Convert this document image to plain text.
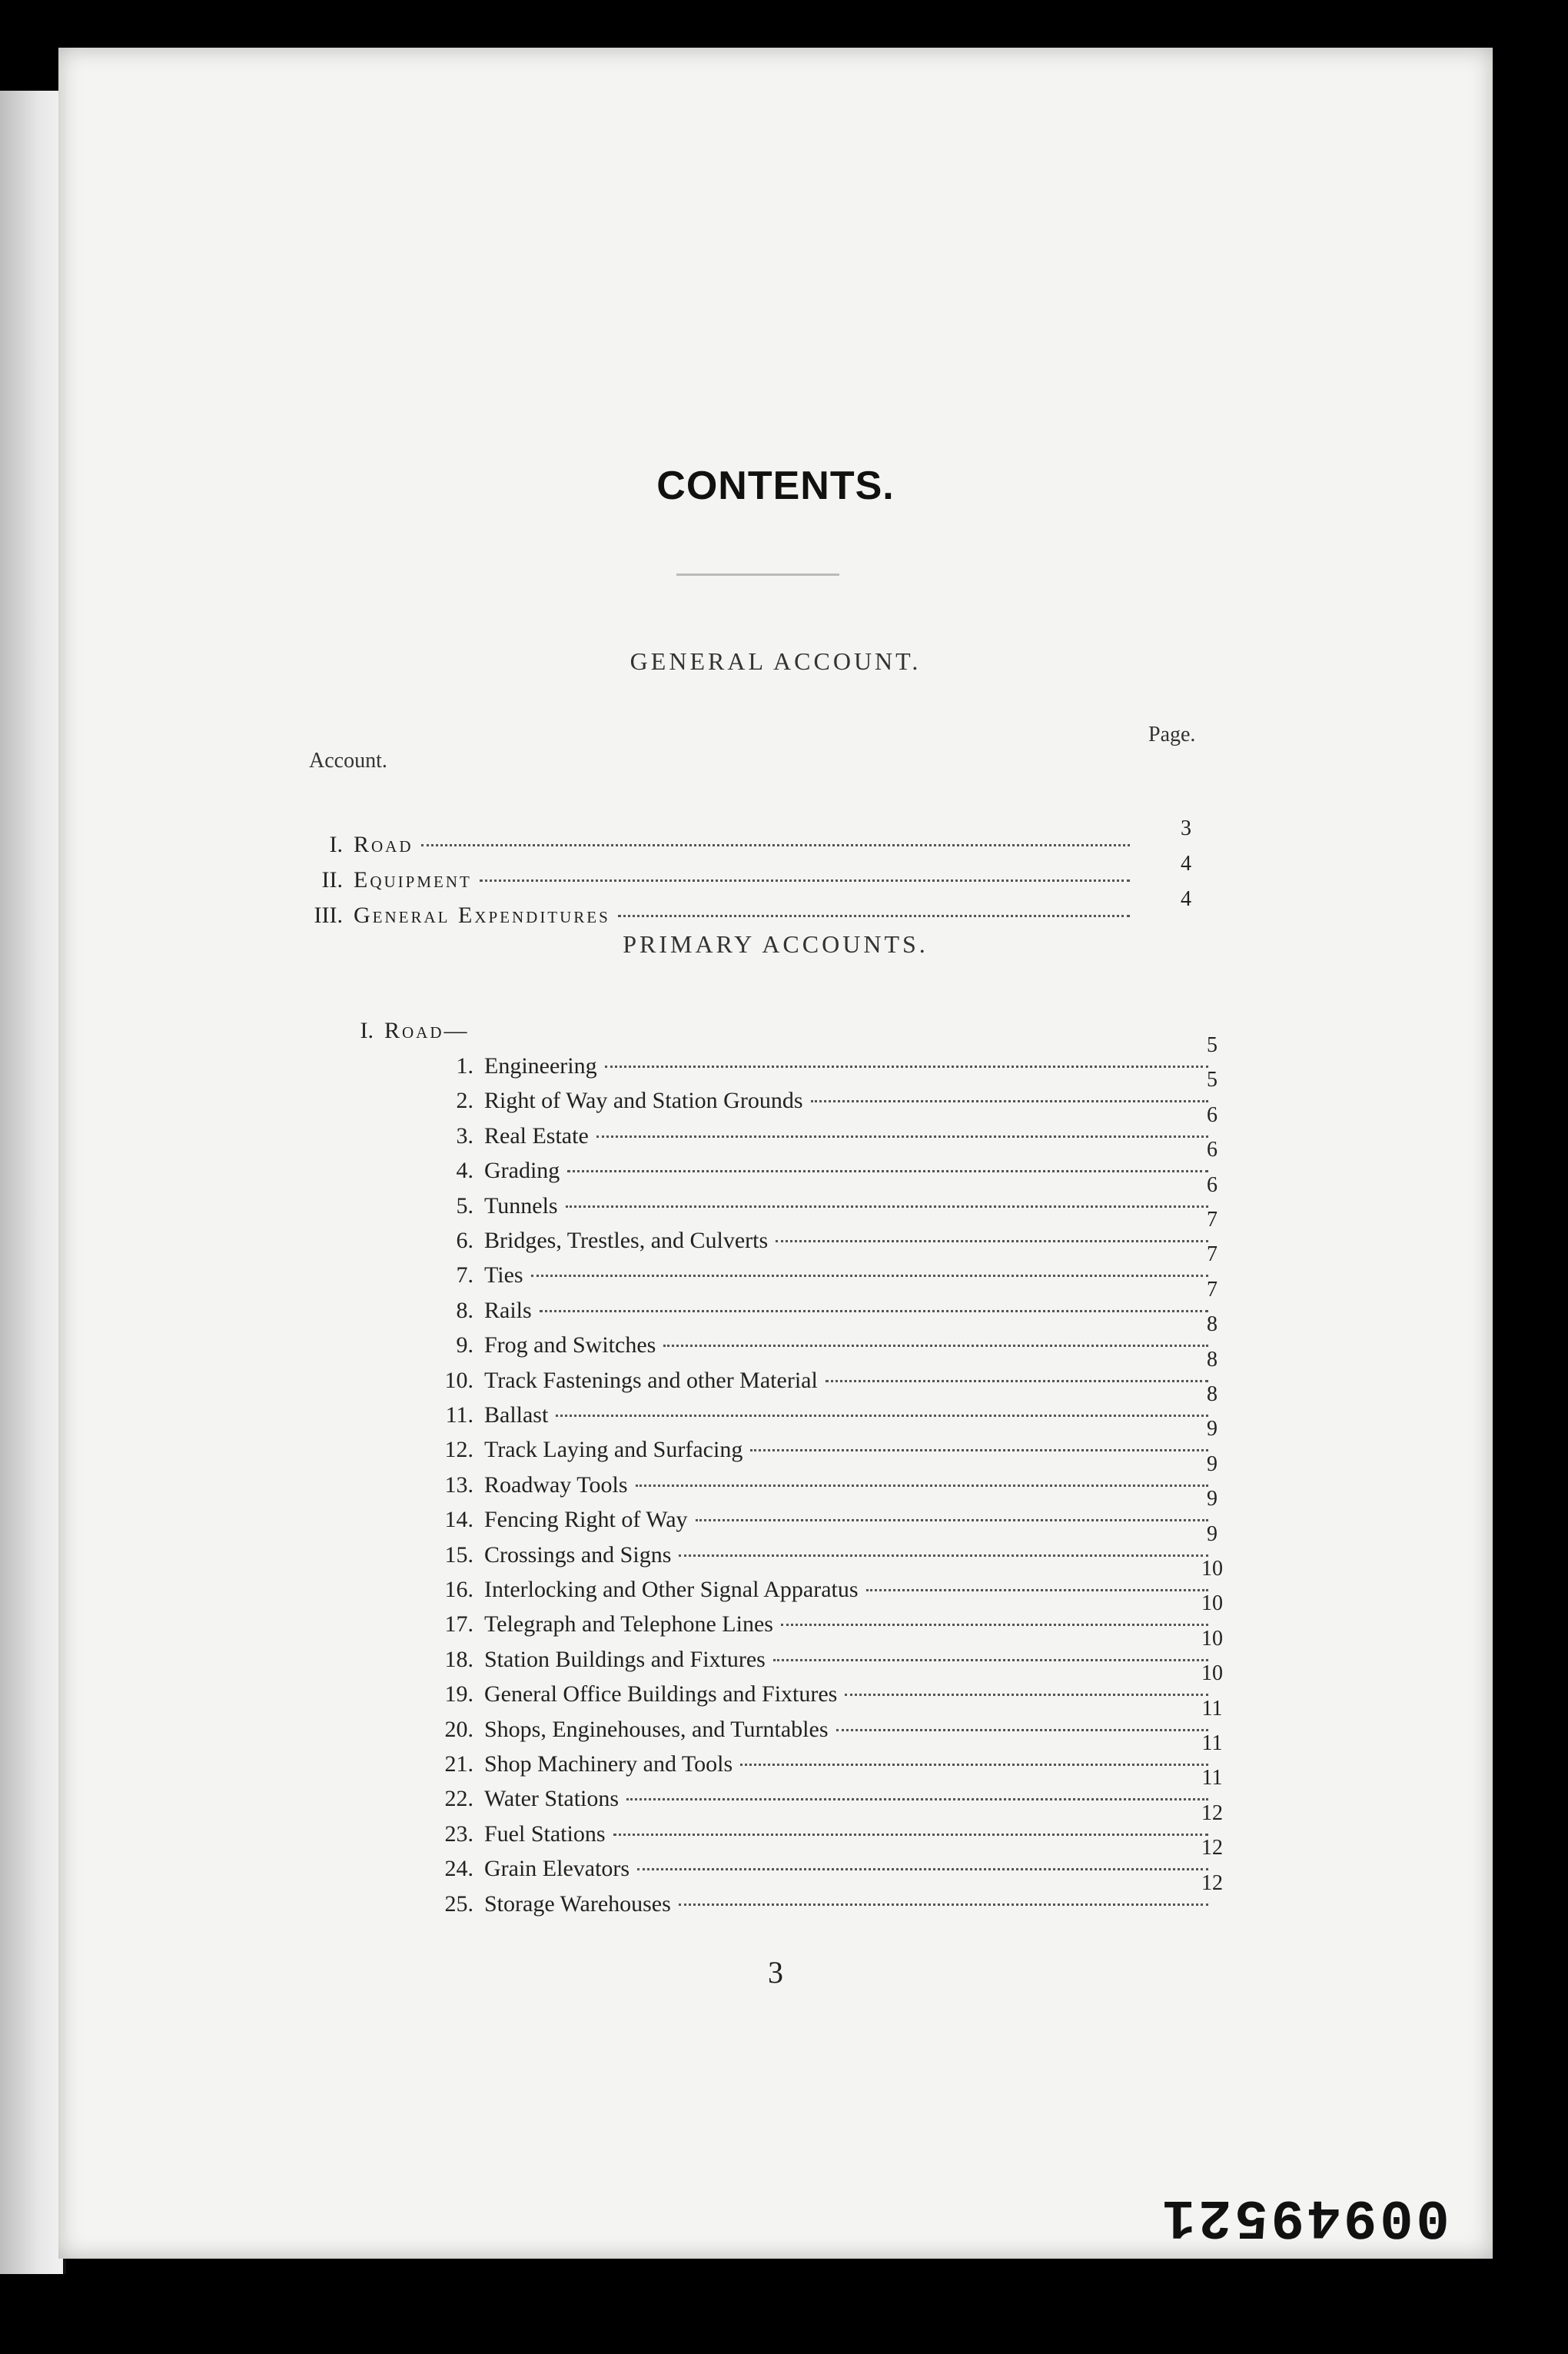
CONTENTS.
GENERAL ACCOUNT.
Page.
Account.
I. Road
3
II. Equipment
4
III. General Expenditures
4
PRIMARY ACCOUNTS.
I. Road—
1. Engineering
5
2. Right of Way and Station Grounds
5
3. Real Estate
6
4. Grading
6
5. Tunnels
6
6. Bridges, Trestles, and Culverts
7
7. Ties
7
8. Rails
7
9. Frog and Switches
8
10. Track Fastenings and other Material
8
11. Ballast
8
12. Track Laying and Surfacing
9
13. Roadway Tools
9
14. Fencing Right of Way
9
15. Crossings and Signs
9
16. Interlocking and Other Signal Apparatus
10
17. Telegraph and Telephone Lines
10
18. Station Buildings and Fixtures
10
19. General Office Buildings and Fixtures
10
20. Shops, Enginehouses, and Turntables
11
21. Shop Machinery and Tools
11
22. Water Stations
11
23. Fuel Stations
12
24. Grain Elevators
12
25. Storage Warehouses
12
3
00949521
